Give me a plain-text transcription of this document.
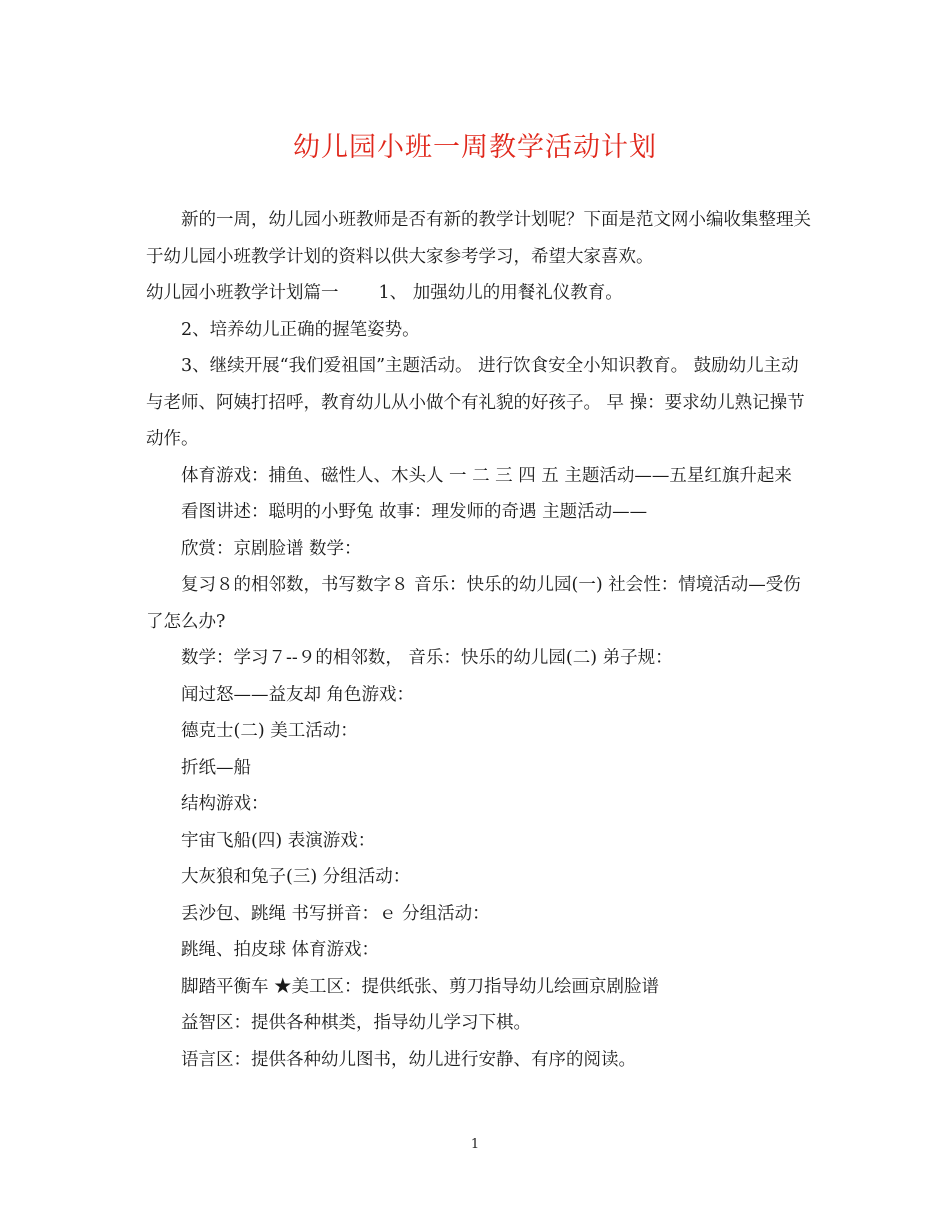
幼儿园小班一周教学活动计划

新的一周，幼儿园小班教师是否有新的教学计划呢？下面是范文网小编收集整理关于幼儿园小班教学计划的资料以供大家参考学习，希望大家喜欢。

幼儿园小班教学计划篇一 1、 加强幼儿的用餐礼仪教育。

2、培养幼儿正确的握笔姿势。

3、继续开展“我们爱祖国”主题活动。 进行饮食安全小知识教育。 鼓励幼儿主动与老师、阿姨打招呼，教育幼儿从小做个有礼貌的好孩子。 早 操：要求幼儿熟记操节动作。

体育游戏：捕鱼、磁性人、木头人 一 二 三 四 五 主题活动——五星红旗升起来

看图讲述：聪明的小野兔 故事：理发师的奇遇 主题活动——

欣赏：京剧脸谱 数学：

复习８的相邻数，书写数字８ 音乐：快乐的幼儿园(一) 社会性：情境活动—受伤了怎么办?

数学：学习７--９的相邻数， 音乐：快乐的幼儿园(二) 弟子规：

闻过怒——益友却 角色游戏：

德克士(二) 美工活动：

折纸—船

结构游戏：

宇宙飞船(四) 表演游戏：

大灰狼和兔子(三) 分组活动：

丢沙包、跳绳 书写拼音：ｅ 分组活动：

跳绳、拍皮球 体育游戏：

脚踏平衡车 ★美工区：提供纸张、剪刀指导幼儿绘画京剧脸谱

益智区：提供各种棋类，指导幼儿学习下棋。

语言区：提供各种幼儿图书，幼儿进行安静、有序的阅读。

1
